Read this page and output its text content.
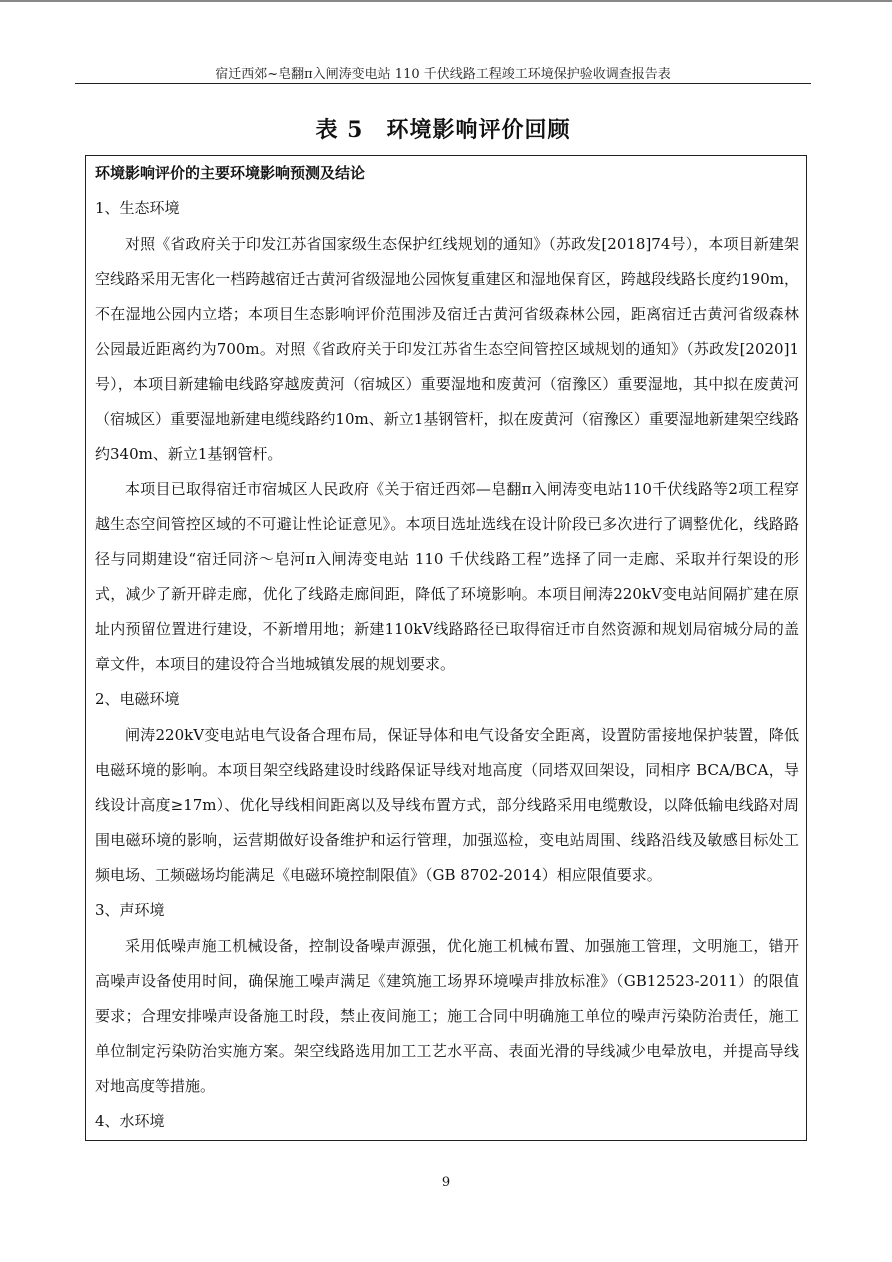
宿迁西郊~皂翻π入闸涛变电站 110 千伏线路工程竣工环境保护验收调查报告表
表 5　环境影响评价回顾
环境影响评价的主要环境影响预测及结论
1、生态环境
对照《省政府关于印发江苏省国家级生态保护红线规划的通知》（苏政发[2018]74号），本项目新建架空线路采用无害化一档跨越宿迁古黄河省级湿地公园恢复重建区和湿地保育区，跨越段线路长度约190m，不在湿地公园内立塔；本项目生态影响评价范围涉及宿迁古黄河省级森林公园，距离宿迁古黄河省级森林公园最近距离约为700m。对照《省政府关于印发江苏省生态空间管控区域规划的通知》（苏政发[2020]1号），本项目新建输电线路穿越废黄河（宿城区）重要湿地和废黄河（宿豫区）重要湿地，其中拟在废黄河（宿城区）重要湿地新建电缆线路约10m、新立1基钢管杆，拟在废黄河（宿豫区）重要湿地新建架空线路约340m、新立1基钢管杆。
本项目已取得宿迁市宿城区人民政府《关于宿迁西郊—皂翻π入闸涛变电站110千伏线路等2项工程穿越生态空间管控区域的不可避让性论证意见》。本项目选址选线在设计阶段已多次进行了调整优化，线路路径与同期建设“宿迁同济～皂河π入闸涛变电站 110 千伏线路工程”选择了同一走廊、采取并行架设的形式，减少了新开辟走廊，优化了线路走廊间距，降低了环境影响。本项目闸涛220kV变电站间隔扩建在原址内预留位置进行建设，不新增用地；新建110kV线路路径已取得宿迁市自然资源和规划局宿城分局的盖章文件，本项目的建设符合当地城镇发展的规划要求。
2、电磁环境
闸涛220kV变电站电气设备合理布局，保证导体和电气设备安全距离，设置防雷接地保护装置，降低电磁环境的影响。本项目架空线路建设时线路保证导线对地高度（同塔双回架设，同相序 BCA/BCA，导线设计高度≥17m）、优化导线相间距离以及导线布置方式，部分线路采用电缆敷设，以降低输电线路对周围电磁环境的影响，运营期做好设备维护和运行管理，加强巡检，变电站周围、线路沿线及敏感目标处工频电场、工频磁场均能满足《电磁环境控制限值》（GB 8702-2014）相应限值要求。
3、声环境
采用低噪声施工机械设备，控制设备噪声源强，优化施工机械布置、加强施工管理，文明施工，错开高噪声设备使用时间，确保施工噪声满足《建筑施工场界环境噪声排放标准》（GB12523-2011）的限值要求；合理安排噪声设备施工时段，禁止夜间施工；施工合同中明确施工单位的噪声污染防治责任，施工单位制定污染防治实施方案。架空线路选用加工工艺水平高、表面光滑的导线减少电晕放电，并提高导线对地高度等措施。
4、水环境
9
